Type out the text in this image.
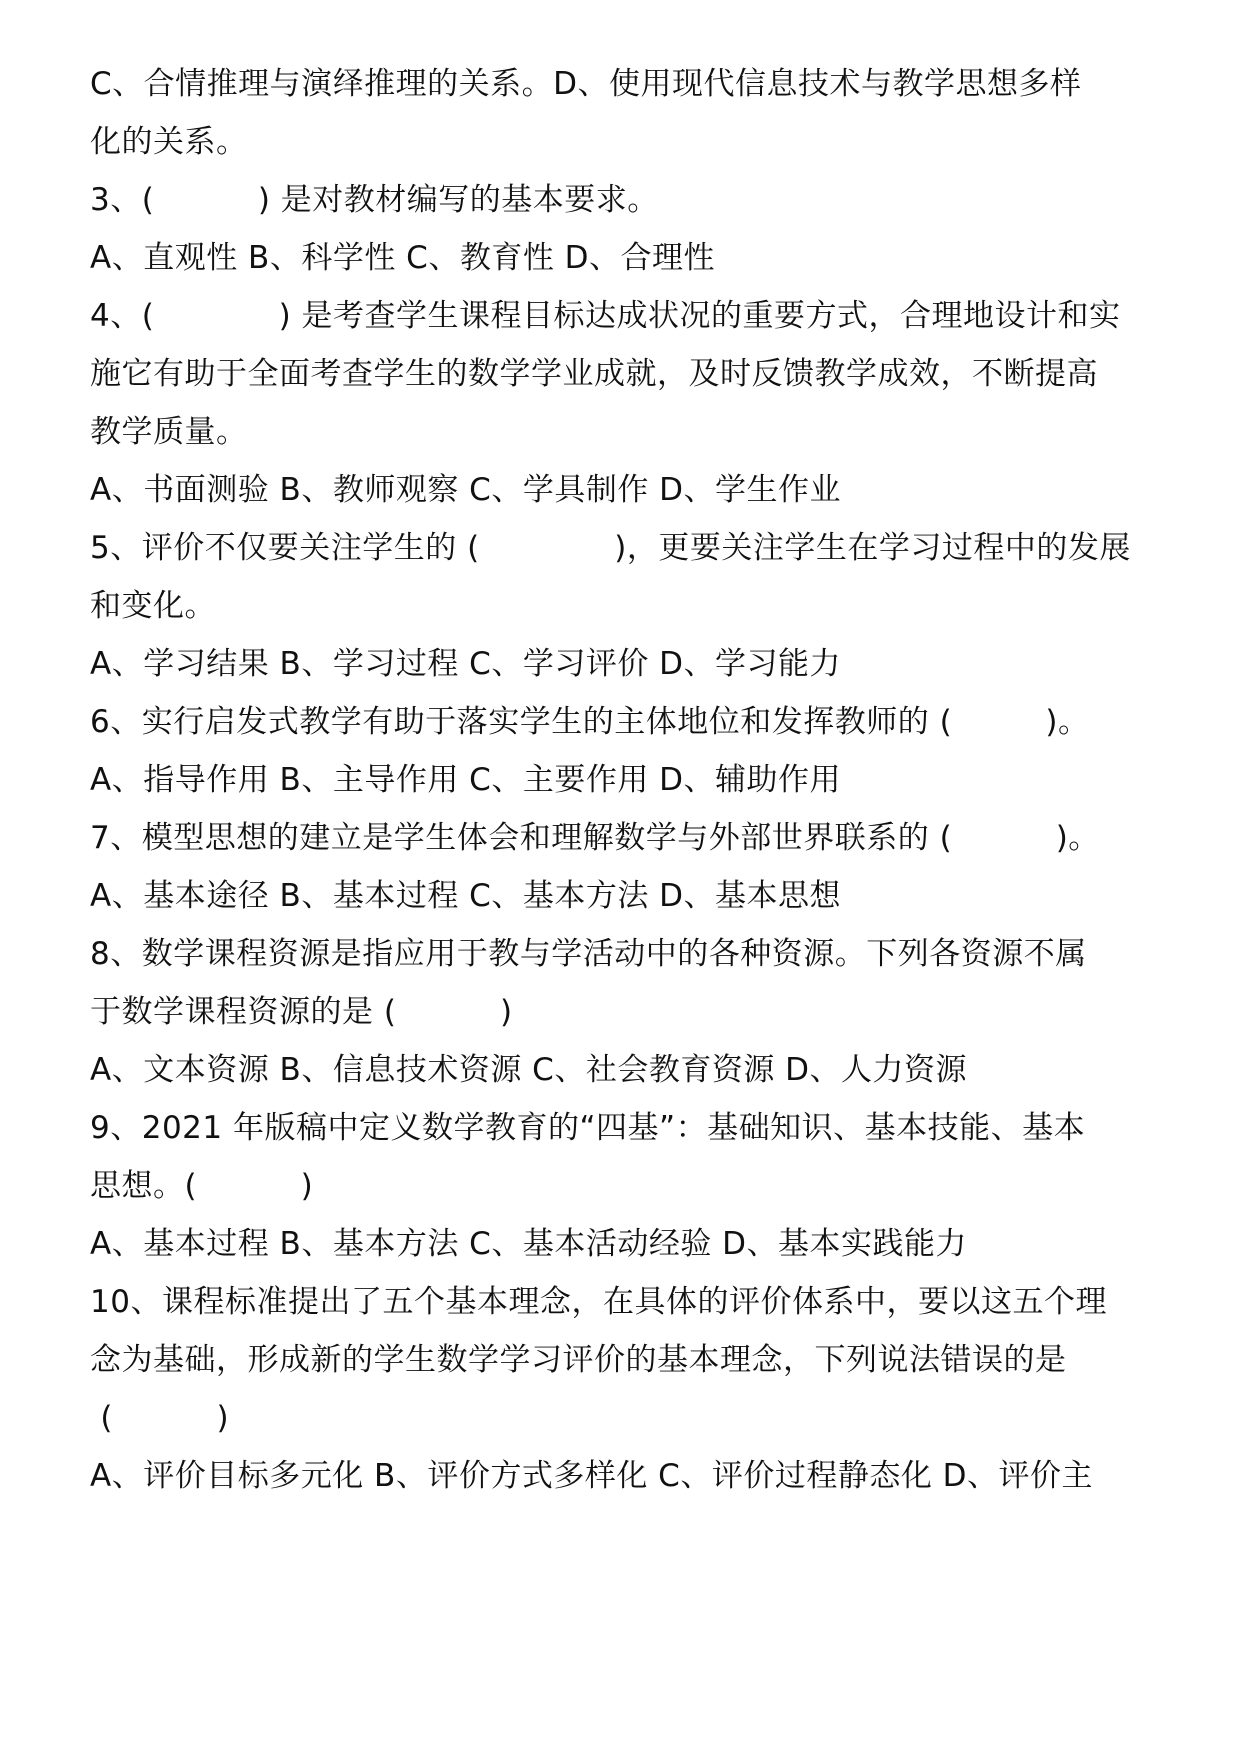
C、合情推理与演绎推理的关系。D、使用现代信息技术与教学思想多样
化的关系。
3、(          ) 是对教材编写的基本要求。
A、直观性 B、科学性 C、教育性 D、合理性
4、(            ) 是考查学生课程目标达成状况的重要方式，合理地设计和实
施它有助于全面考查学生的数学学业成就，及时反馈教学成效，不断提高
教学质量。
A、书面测验 B、教师观察 C、学具制作 D、学生作业
5、评价不仅要关注学生的 (             )，更要关注学生在学习过程中的发展
和变化。
A、学习结果 B、学习过程 C、学习评价 D、学习能力
6、实行启发式教学有助于落实学生的主体地位和发挥教师的 (         )。
A、指导作用 B、主导作用 C、主要作用 D、辅助作用
7、模型思想的建立是学生体会和理解数学与外部世界联系的 (          )。
A、基本途径 B、基本过程 C、基本方法 D、基本思想
8、数学课程资源是指应用于教与学活动中的各种资源。下列各资源不属
于数学课程资源的是 (          )
A、文本资源 B、信息技术资源 C、社会教育资源 D、人力资源
9、2021 年版稿中定义数学教育的“四基”：基础知识、基本技能、基本
思想。(          )
A、基本过程 B、基本方法 C、基本活动经验 D、基本实践能力
10、课程标准提出了五个基本理念，在具体的评价体系中，要以这五个理
念为基础，形成新的学生数学学习评价的基本理念，下列说法错误的是
(          )
A、评价目标多元化 B、评价方式多样化 C、评价过程静态化 D、评价主
